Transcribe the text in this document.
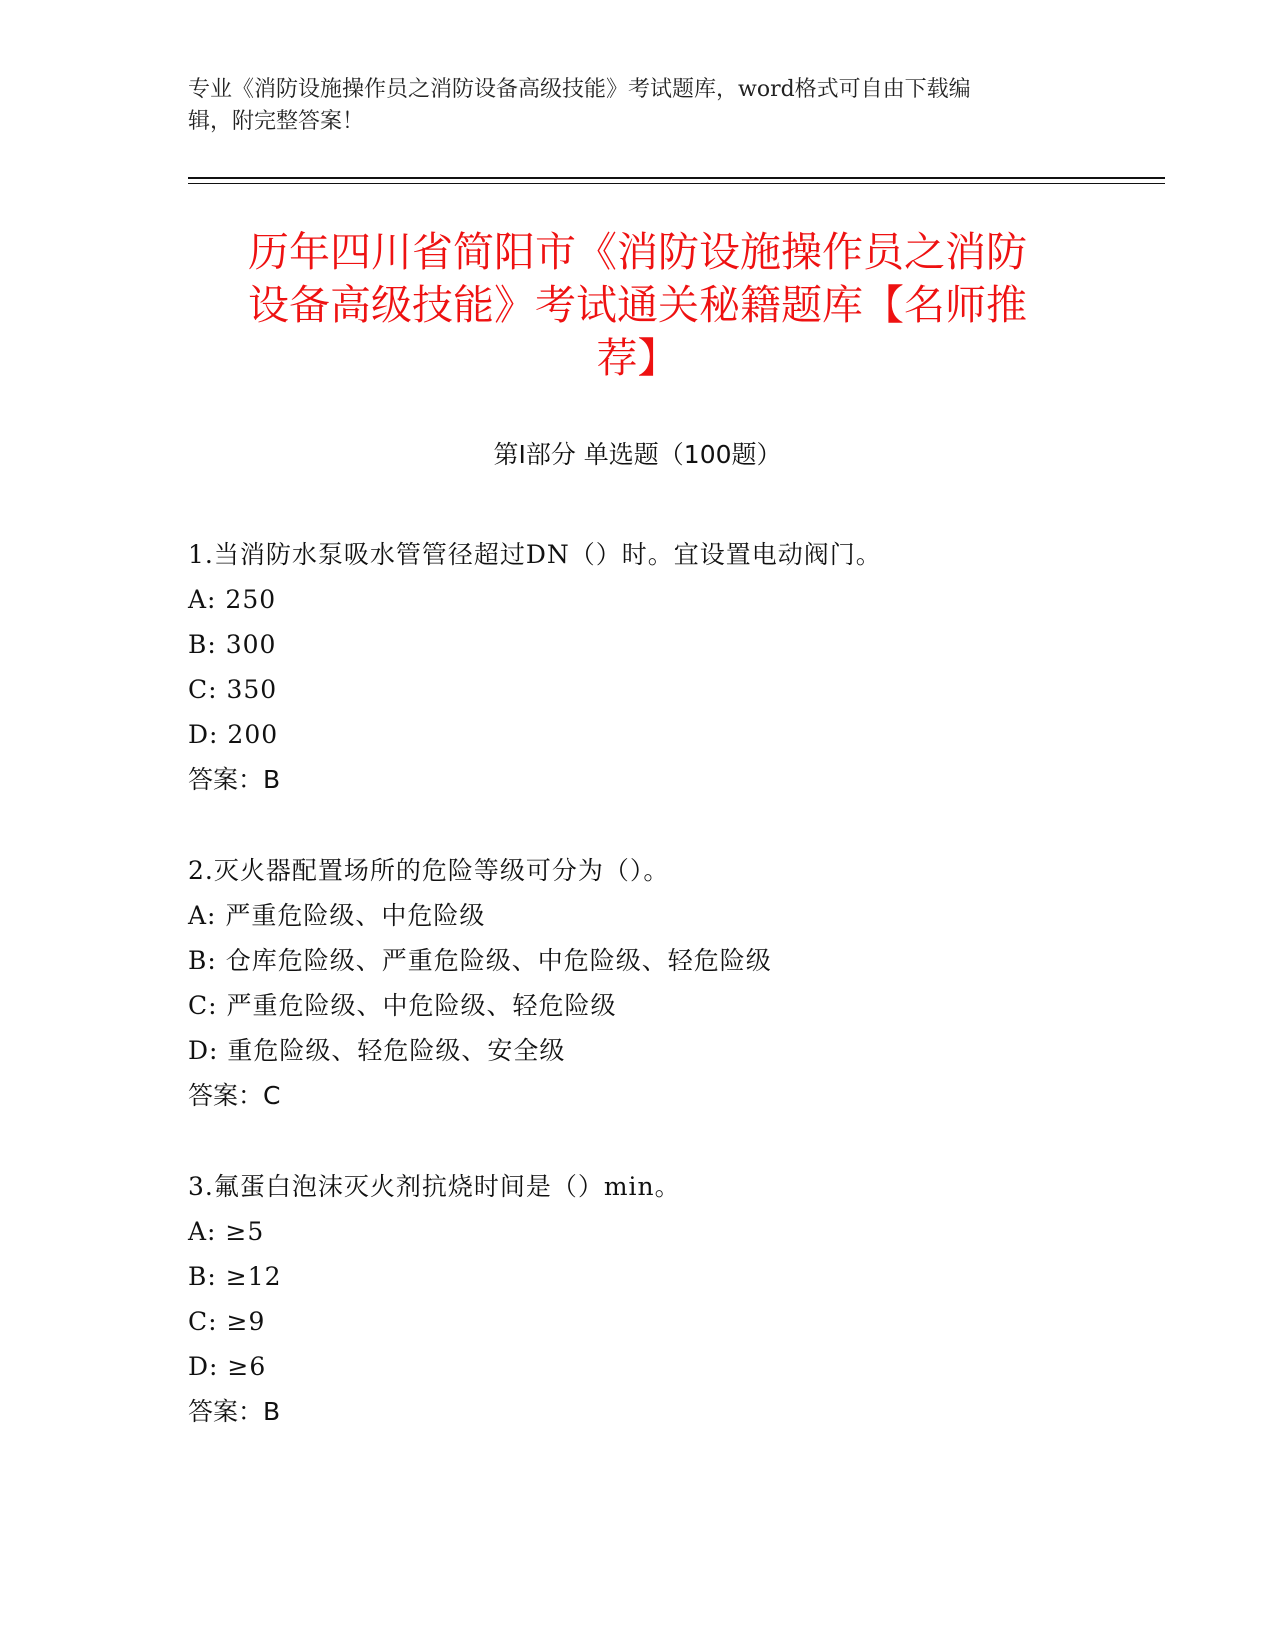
专业《消防设施操作员之消防设备高级技能》考试题库，word格式可自由下载编

辑，附完整答案！

历年四川省简阳市《消防设施操作员之消防
设备高级技能》考试通关秘籍题库【名师推
荐】
第Ⅰ部分 单选题（100题）
1.当消防水泵吸水管管径超过DN（）时。宜设置电动阀门。
A: 250
B: 300
C: 350
D: 200
答案：B
2.灭火器配置场所的危险等级可分为（）。
A: 严重危险级、中危险级
B: 仓库危险级、严重危险级、中危险级、轻危险级
C: 严重危险级、中危险级、轻危险级
D: 重危险级、轻危险级、安全级
答案：C
3.氟蛋白泡沫灭火剂抗烧时间是（）min。
A: ≥5
B: ≥12
C: ≥9
D: ≥6
答案：B
